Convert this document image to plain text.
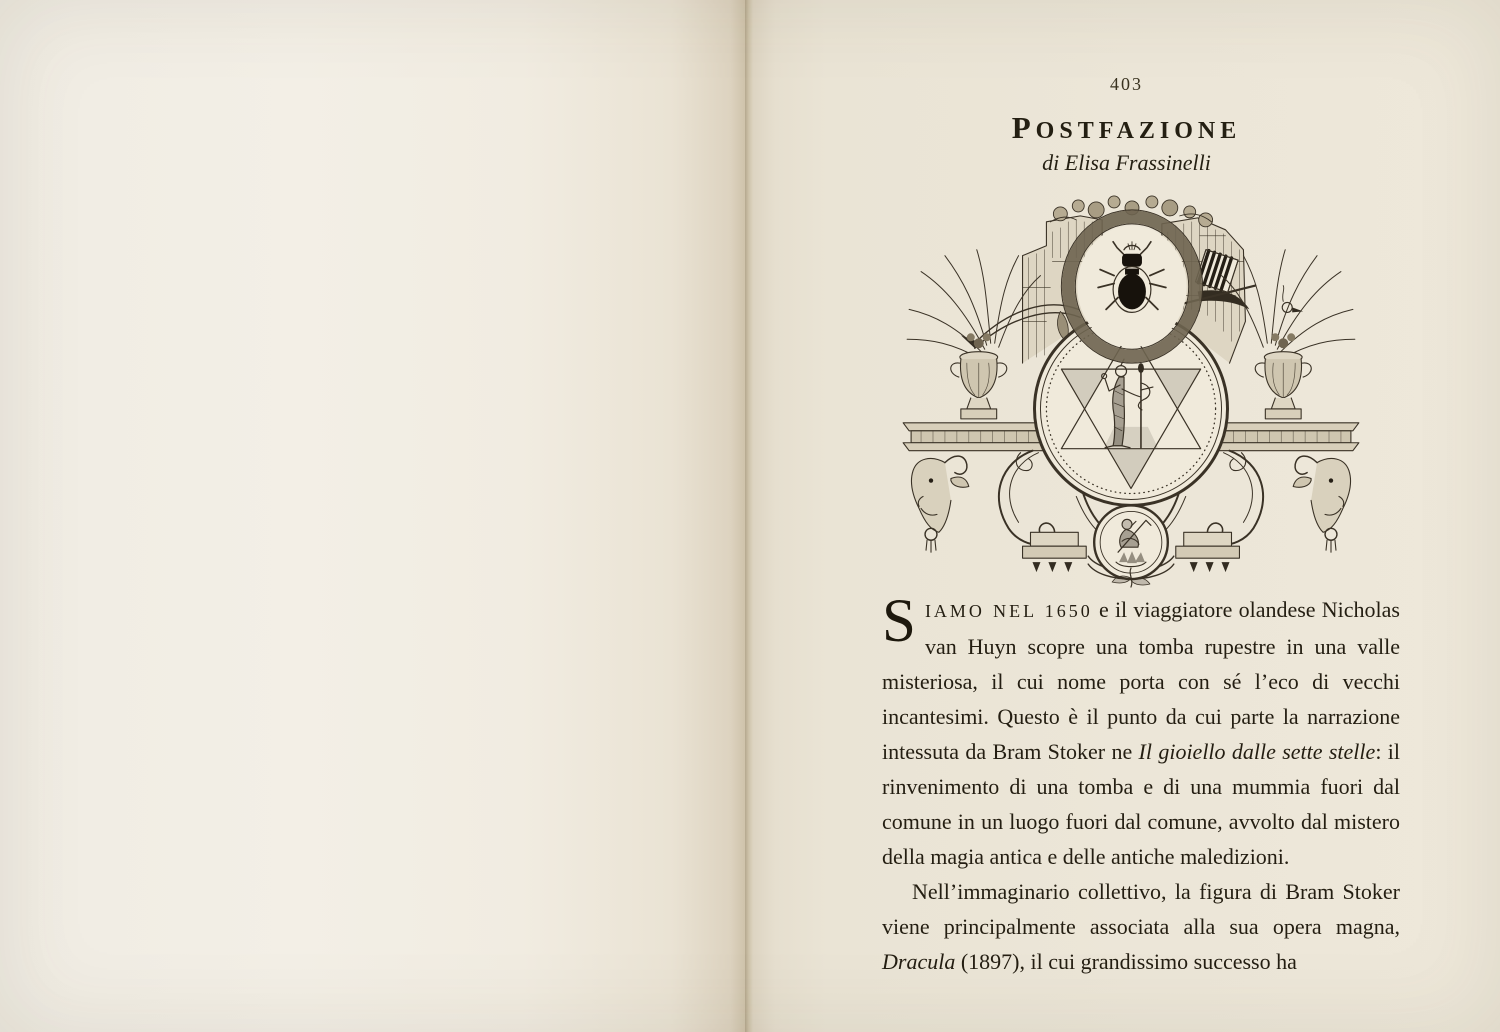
403
POSTFAZIONE
di Elisa Frassinelli

SIAMO NEL 1650 e il viaggiatore olandese Nicholas van Huyn scopre una tomba rupestre in una valle misteriosa, il cui nome porta con sé l’eco di vecchi incantesimi. Questo è il punto da cui parte la narrazione intessuta da Bram Stoker ne Il gioiello dalle sette stelle: il rinvenimento di una tomba e di una mummia fuori dal comune in un luogo fuori dal comune, avvolto dal mistero della magia antica e delle antiche maledizioni.

Nell’immaginario collettivo, la figura di Bram Stoker viene principalmente associata alla sua opera magna, Dracula (1897), il cui grandissimo successo ha
